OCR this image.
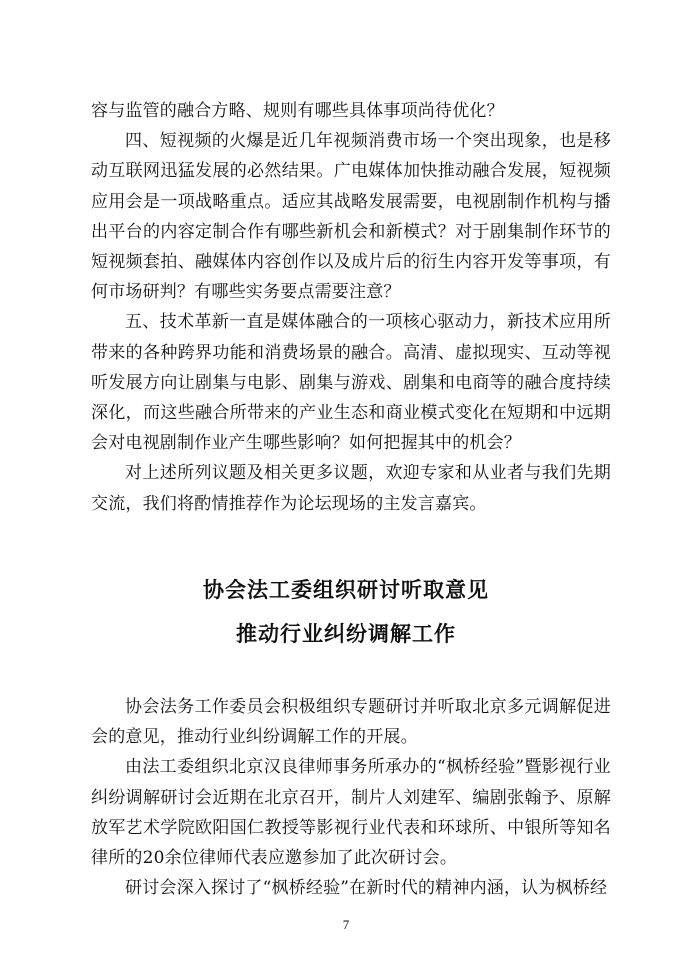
容与监管的融合方略、规则有哪些具体事项尚待优化？

四、短视频的火爆是近几年视频消费市场一个突出现象，也是移动互联网迅猛发展的必然结果。广电媒体加快推动融合发展，短视频应用会是一项战略重点。适应其战略发展需要，电视剧制作机构与播出平台的内容定制合作有哪些新机会和新模式？对于剧集制作环节的短视频套拍、融媒体内容创作以及成片后的衍生内容开发等事项，有何市场研判？有哪些实务要点需要注意？

五、技术革新一直是媒体融合的一项核心驱动力，新技术应用所带来的各种跨界功能和消费场景的融合。高清、虚拟现实、互动等视听发展方向让剧集与电影、剧集与游戏、剧集和电商等的融合度持续深化，而这些融合所带来的产业生态和商业模式变化在短期和中远期会对电视剧制作业产生哪些影响？如何把握其中的机会？

对上述所列议题及相关更多议题，欢迎专家和从业者与我们先期交流，我们将酌情推荐作为论坛现场的主发言嘉宾。

协会法工委组织研讨听取意见
推动行业纠纷调解工作

协会法务工作委员会积极组织专题研讨并听取北京多元调解促进会的意见，推动行业纠纷调解工作的开展。

由法工委组织北京汉良律师事务所承办的“枫桥经验”暨影视行业纠纷调解研讨会近期在北京召开，制片人刘建军、编剧张翰予、原解放军艺术学院欧阳国仁教授等影视行业代表和环球所、中银所等知名律所的20余位律师代表应邀参加了此次研讨会。

研讨会深入探讨了“枫桥经验”在新时代的精神内涵，认为枫桥经

7
